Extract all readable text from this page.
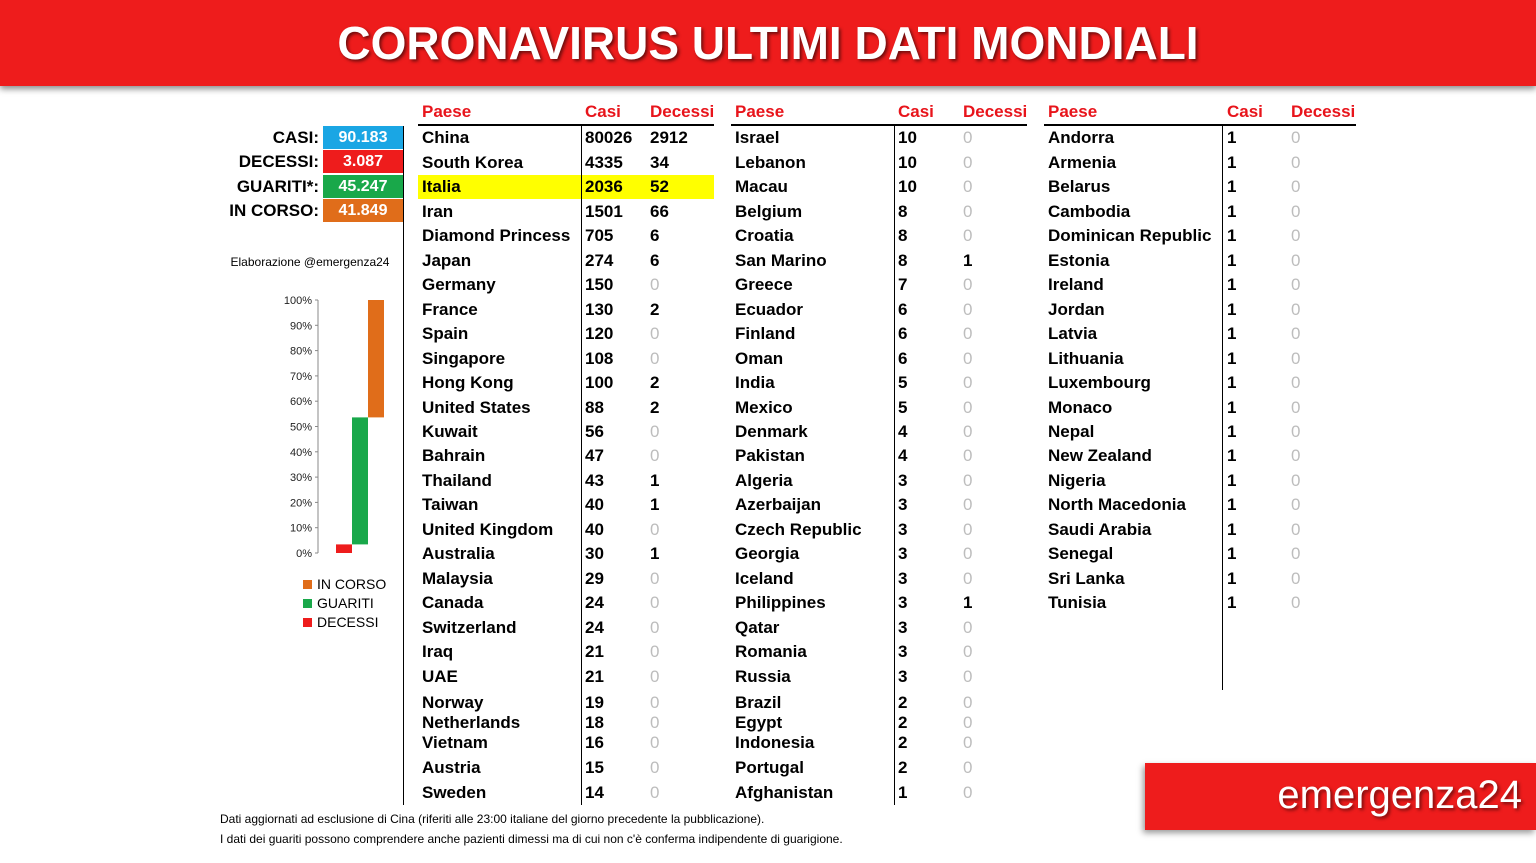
CORONAVIRUS ULTIMI DATI MONDIALI
CASI:	90.183
DECESSI:	3.087
GUARITI*:	45.247
IN CORSO:	41.849
Elaborazione @emergenza24
0%
10%
20%
30%
40%
50%
60%
70%
80%
90%
100%
IN CORSO
GUARITI
DECESSI
Paese	Casi Decessi
China	80026 2912
South Korea	4335 34
Italia	2036 52
Iran	1501 66
Diamond Princess 705 6
Japan	274 6
Germany	150 0
France	130 2
Spain	120 0
Singapore	108 0
Hong Kong	100 2
United States	88	2
Kuwait	56	0
Bahrain	47	0
Thailand	43	1
Taiwan	40	1
United Kingdom 40	0
Australia	30	1
Malaysia	29	0
Canada	24	0
Switzerland	24	0
Iraq	21	0
UAE	21	0
Norway	19	0
Netherlands	18	0
Vietnam	16	0
Austria	15	0
Sweden	14	0
Paese	Casi Decessi
Israel	10	0
Lebanon	10	0
Macau	10	0
Belgium	8	0
Croatia	8	0
San Marino	8	1
Greece	7	0
Ecuador	6	0
Finland	6	0
Oman	6	0
India	5	0
Mexico	5	0
Denmark	4	0
Pakistan	4	0
Algeria	3	0
Azerbaijan	3	0
Czech Republic 3	0
Georgia	3	0
Iceland	3	0
Philippines	3	1
Qatar	3	0
Romania	3	0
Russia	3	0
Brazil	2	0
Egypt	2	0
Indonesia	2	0
Portugal	2	0
Afghanistan	1	0
Paese	Casi Decessi
Andorra	1	0
Armenia	1	0
Belarus	1	0
Cambodia	1	0
Dominican Republic 1	0
Estonia	1	0
Ireland	1	0
Jordan	1	0
Latvia	1	0
Lithuania	1	0
Luxembourg	1	0
Monaco	1	0
Nepal	1	0
New Zealand	1	0
Nigeria	1	0
North Macedonia 1	0
Saudi Arabia	1	0
Senegal	1	0
Sri Lanka	1	0
Tunisia	1	0
Dati aggiornati ad esclusione di Cina (riferiti alle 23:00 italiane del giorno precedente la pubblicazione).
I dati dei guariti possono comprendere anche pazienti dimessi ma di cui non c'è conferma indipendente di guarigione.
emergenza24
